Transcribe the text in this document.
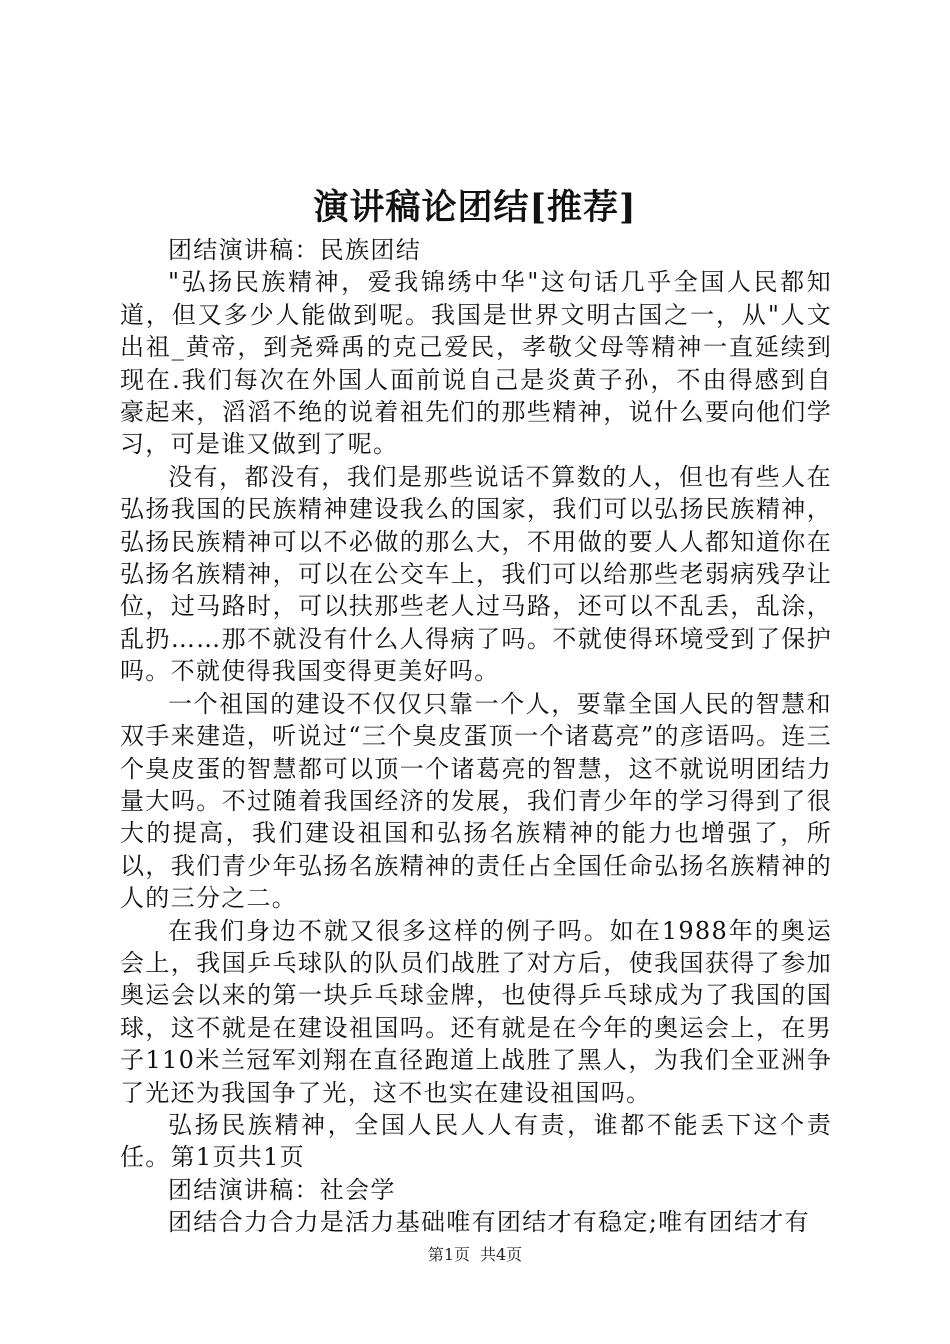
演讲稿论团结[推荐]

团结演讲稿：民族团结

"弘扬民族精神，爱我锦绣中华"这句话几乎全国人民都知道，但又多少人能做到呢。我国是世界文明古国之一，从"人文出祖_黄帝，到尧舜禹的克己爱民，孝敬父母等精神一直延续到现在.我们每次在外国人面前说自己是炎黄子孙，不由得感到自豪起来，滔滔不绝的说着祖先们的那些精神，说什么要向他们学习，可是谁又做到了呢。

没有，都没有，我们是那些说话不算数的人，但也有些人在弘扬我国的民族精神建设我么的国家，我们可以弘扬民族精神，弘扬民族精神可以不必做的那么大，不用做的要人人都知道你在弘扬名族精神，可以在公交车上，我们可以给那些老弱病残孕让位，过马路时，可以扶那些老人过马路，还可以不乱丢，乱涂，乱扔……那不就没有什么人得病了吗。不就使得环境受到了保护吗。不就使得我国变得更美好吗。

一个祖国的建设不仅仅只靠一个人，要靠全国人民的智慧和双手来建造，听说过“三个臭皮蛋顶一个诸葛亮”的彦语吗。连三个臭皮蛋的智慧都可以顶一个诸葛亮的智慧，这不就说明团结力量大吗。不过随着我国经济的发展，我们青少年的学习得到了很大的提高，我们建设祖国和弘扬名族精神的能力也增强了，所以，我们青少年弘扬名族精神的责任占全国任命弘扬名族精神的人的三分之二。

在我们身边不就又很多这样的例子吗。如在1988年的奥运会上，我国乒乓球队的队员们战胜了对方后，使我国获得了参加奥运会以来的第一块乒乓球金牌，也使得乒乓球成为了我国的国球，这不就是在建设祖国吗。还有就是在今年的奥运会上，在男子110米兰冠军刘翔在直径跑道上战胜了黑人，为我们全亚洲争了光还为我国争了光，这不也实在建设祖国吗。

弘扬民族精神，全国人民人人有责，谁都不能丢下这个责任。第1页共1页

团结演讲稿：社会学

团结合力合力是活力基础唯有团结才有稳定;唯有团结才有

第1页 共4页
